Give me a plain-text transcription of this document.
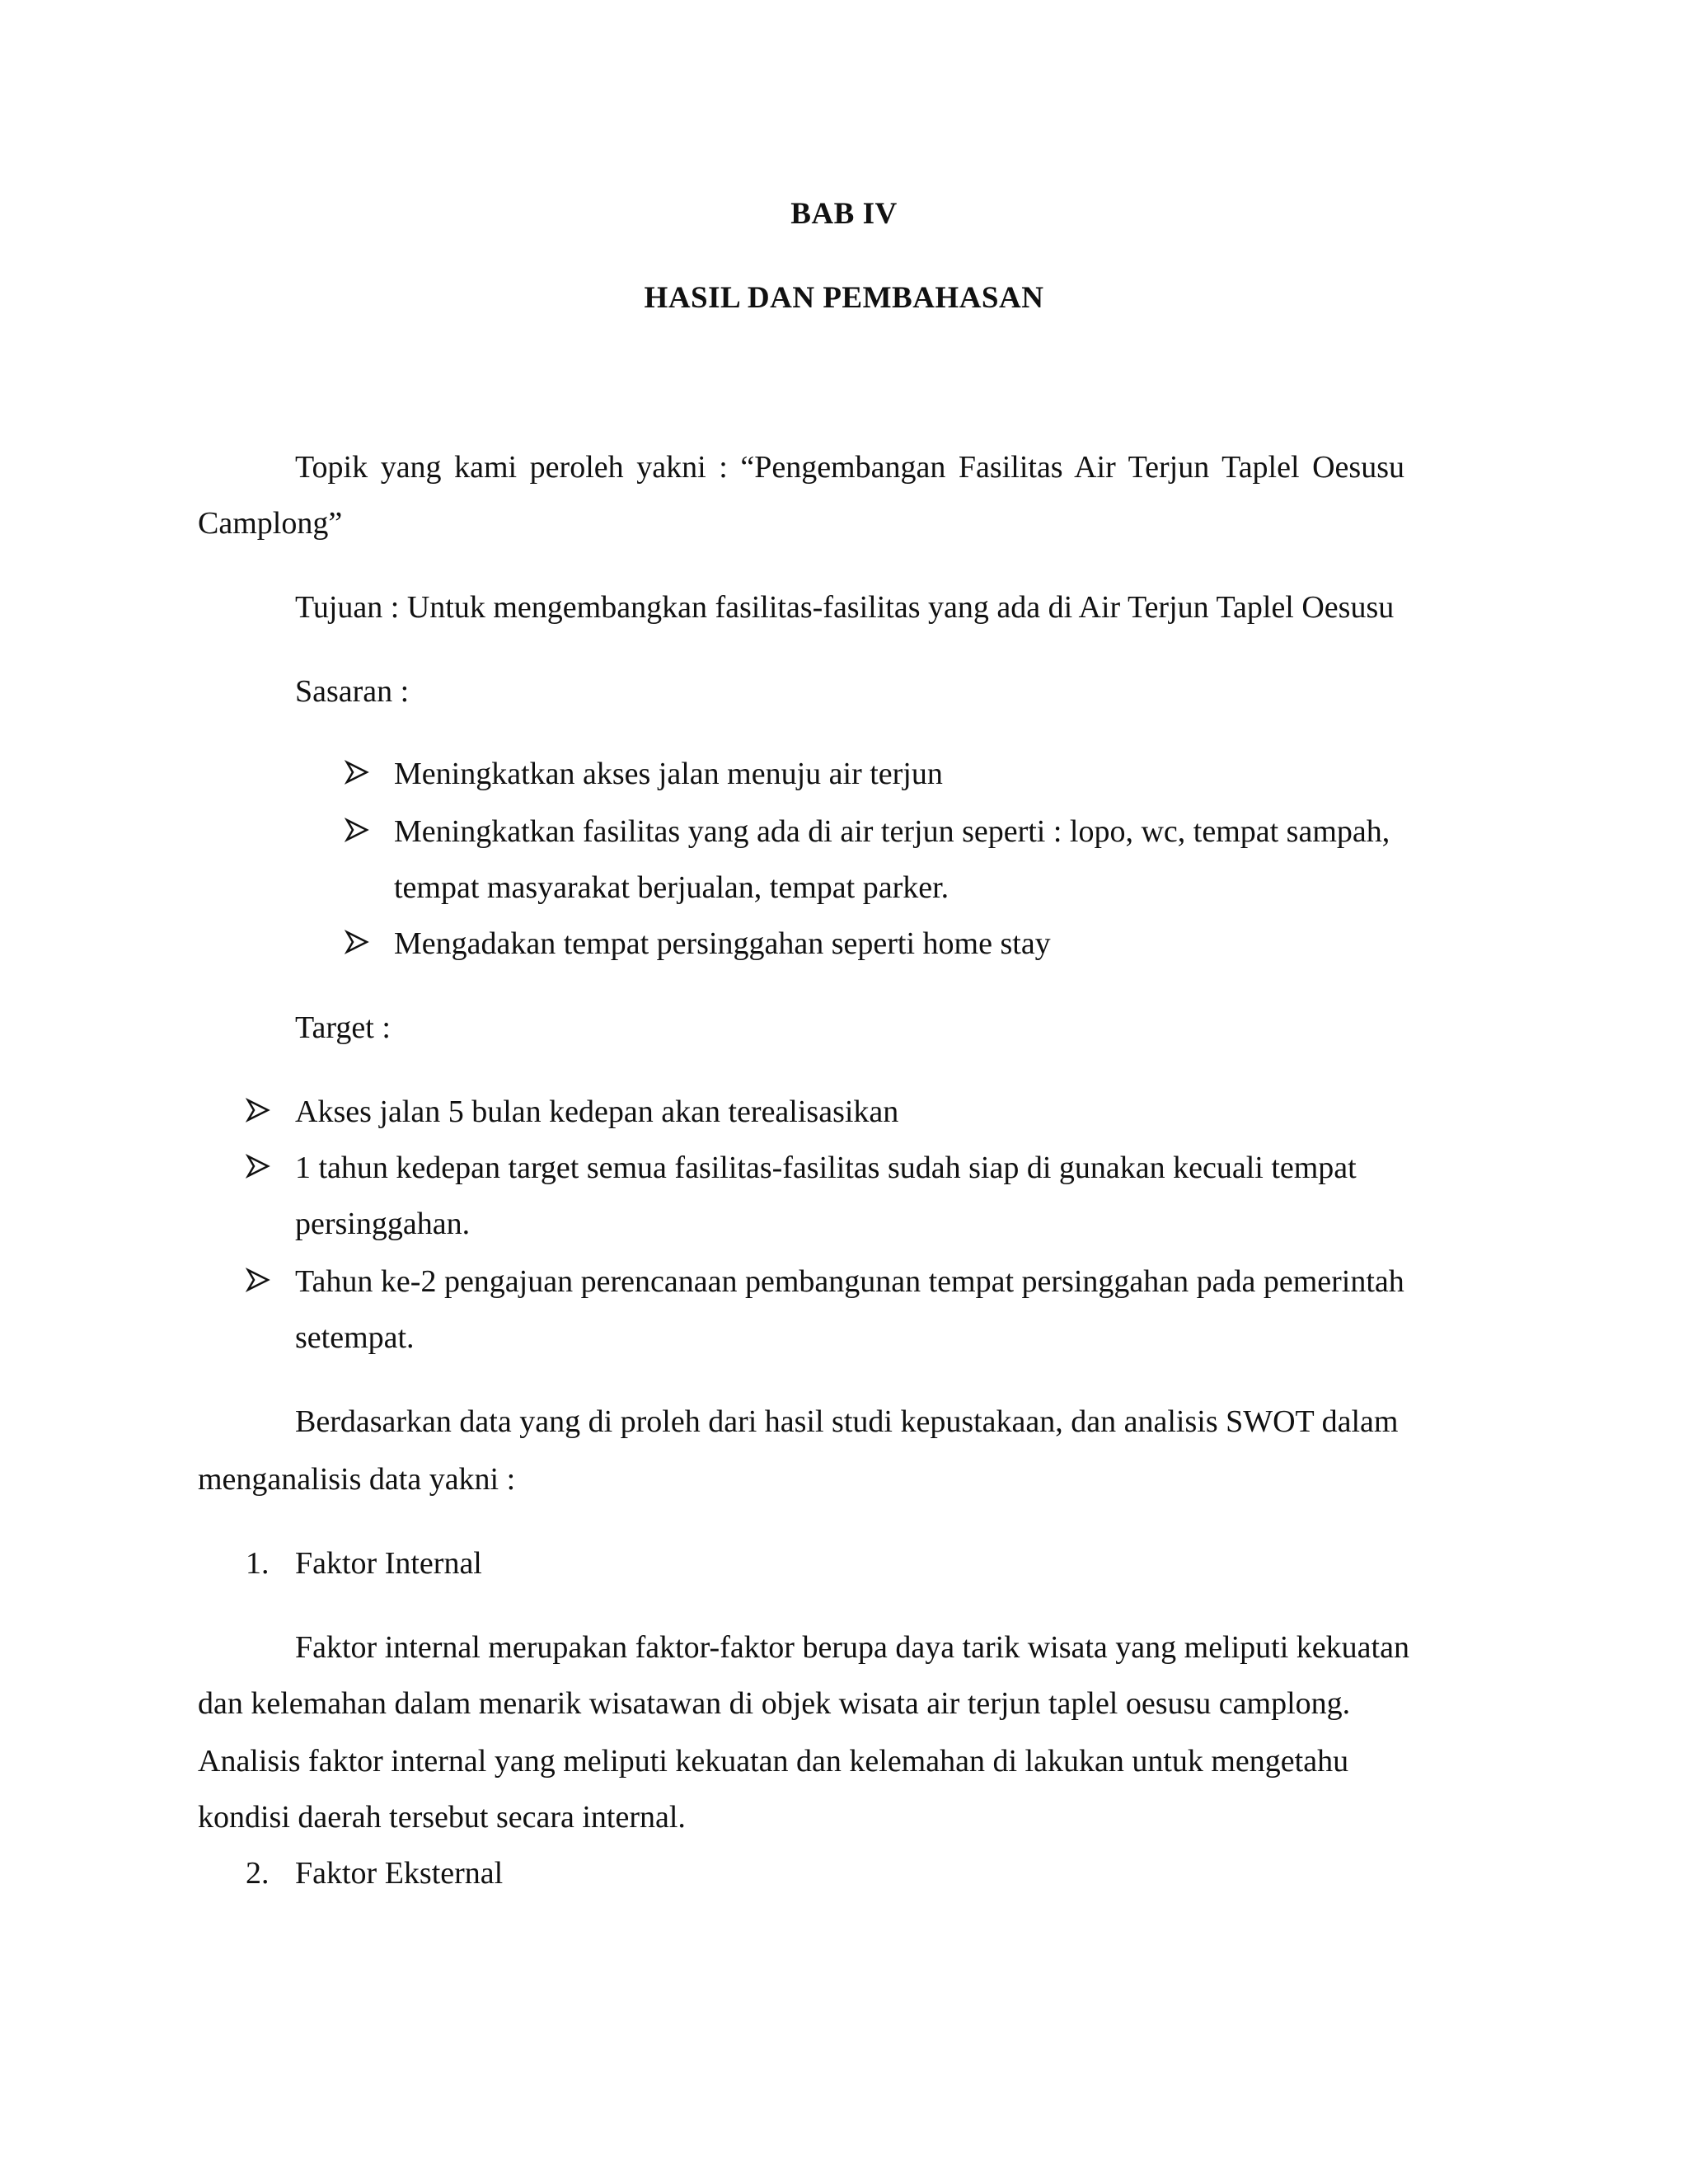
BAB IV
HASIL DAN PEMBAHASAN
Topik yang kami peroleh yakni : “Pengembangan Fasilitas Air Terjun Taplel Oesusu
Camplong”
Tujuan : Untuk mengembangkan fasilitas-fasilitas yang ada di Air Terjun Taplel Oesusu
Sasaran :
Meningkatkan akses jalan menuju air terjun
Meningkatkan fasilitas yang ada di air terjun seperti : lopo, wc, tempat sampah,
tempat masyarakat berjualan, tempat parker.
Mengadakan tempat persinggahan seperti home stay
Target :
Akses jalan 5 bulan kedepan akan terealisasikan
1 tahun kedepan target semua fasilitas-fasilitas sudah siap di gunakan kecuali tempat
persinggahan.
Tahun ke-2 pengajuan perencanaan pembangunan tempat persinggahan pada pemerintah
setempat.
Berdasarkan data yang di proleh dari hasil studi kepustakaan, dan analisis SWOT dalam
menganalisis data yakni :
1. Faktor Internal
Faktor internal merupakan faktor-faktor berupa daya tarik wisata yang meliputi kekuatan
dan kelemahan dalam menarik wisatawan di objek wisata air terjun taplel oesusu camplong.
Analisis faktor internal yang meliputi kekuatan dan kelemahan di lakukan untuk mengetahu
kondisi daerah tersebut secara internal.
2. Faktor Eksternal
